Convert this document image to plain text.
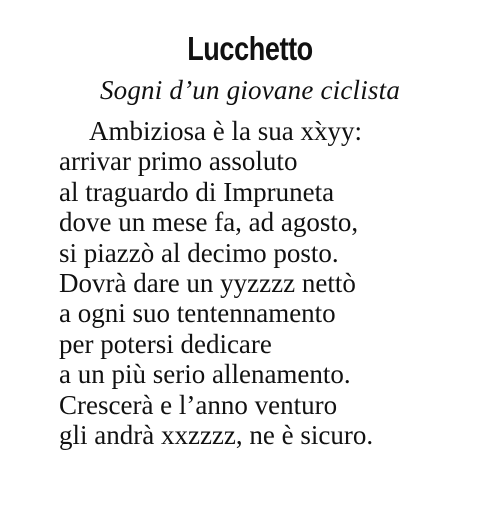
Lucchetto
Sogni d’un giovane ciclista
Ambiziosa è la sua xx̀yy:
arrivar primo assoluto
al traguardo di Impruneta
dove un mese fa, ad agosto,
si piazzò al decimo posto.
Dovrà dare un yyzzzz nettò
a ogni suo tentennamento
per potersi dedicare
a un più serio allenamento.
Crescerà e l’anno venturo
gli andrà xxzzzz, ne è sicuro.
